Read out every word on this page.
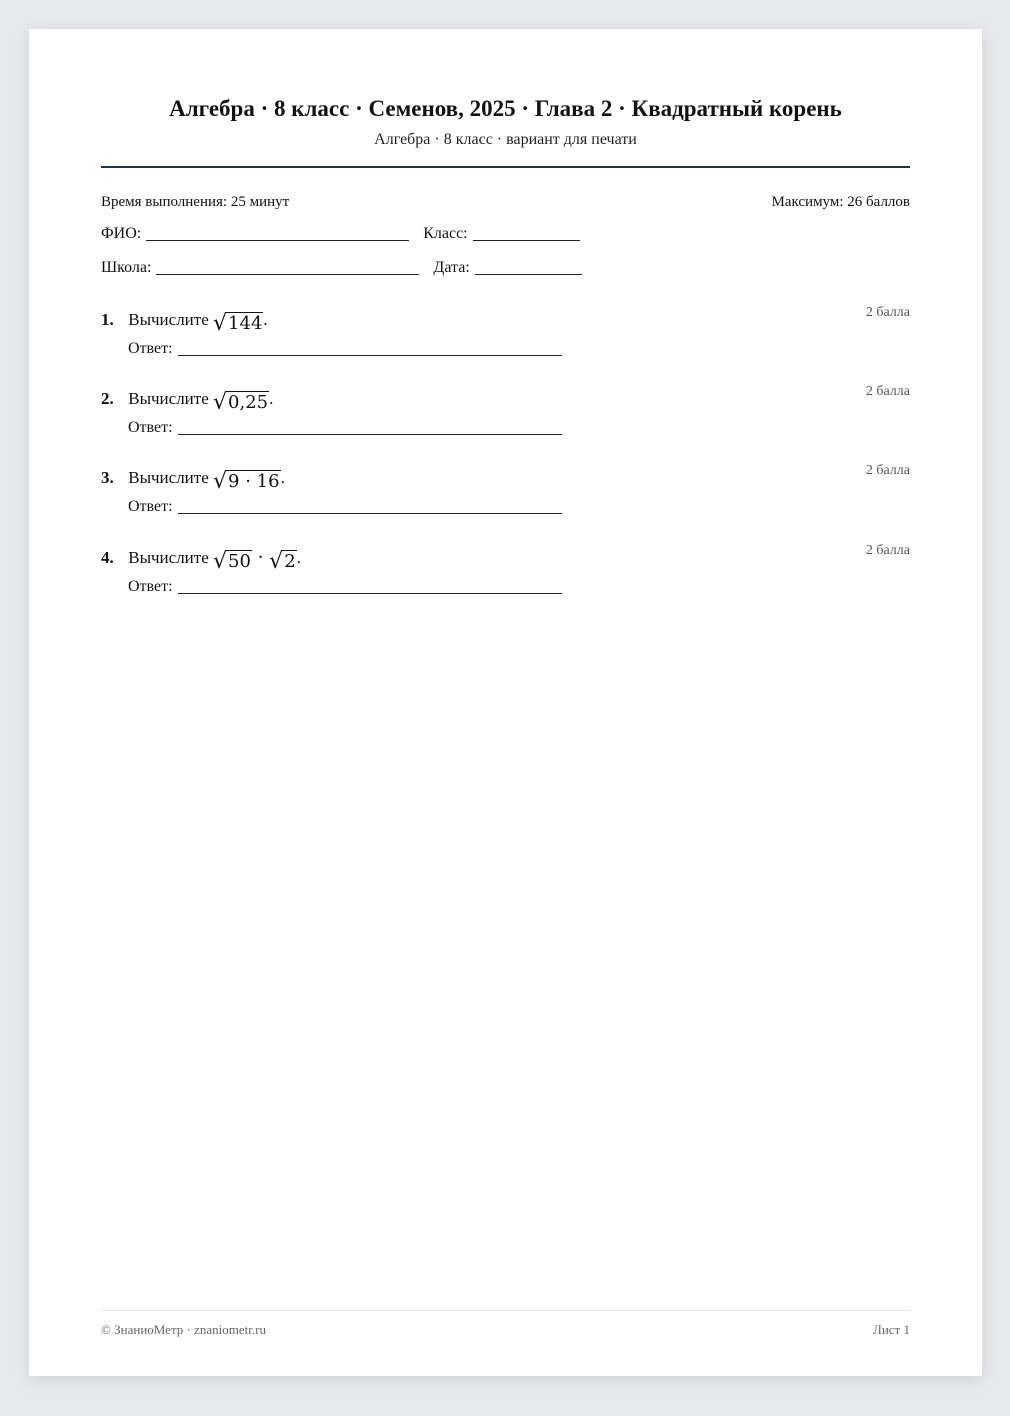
Алгебра · 8 класс · Семенов, 2025 · Глава 2 · Квадратный корень
Алгебра · 8 класс · вариант для печати
Время выполнения: 25 минут	Максимум: 26 баллов
ФИО:	Класс:
Школа:	Дата:
1. Вычислите √ 144 .	2 балла
Ответ:
2. Вычислите √ 0,25 .	2 балла
Ответ:
3. Вычислите √ 9 · 16 .	2 балла
Ответ:
4. Вычислите √ 50 · √ 2 .	2 балла
Ответ:
© ЗнаниоМетр · znaniometr.ru	Лист 1
